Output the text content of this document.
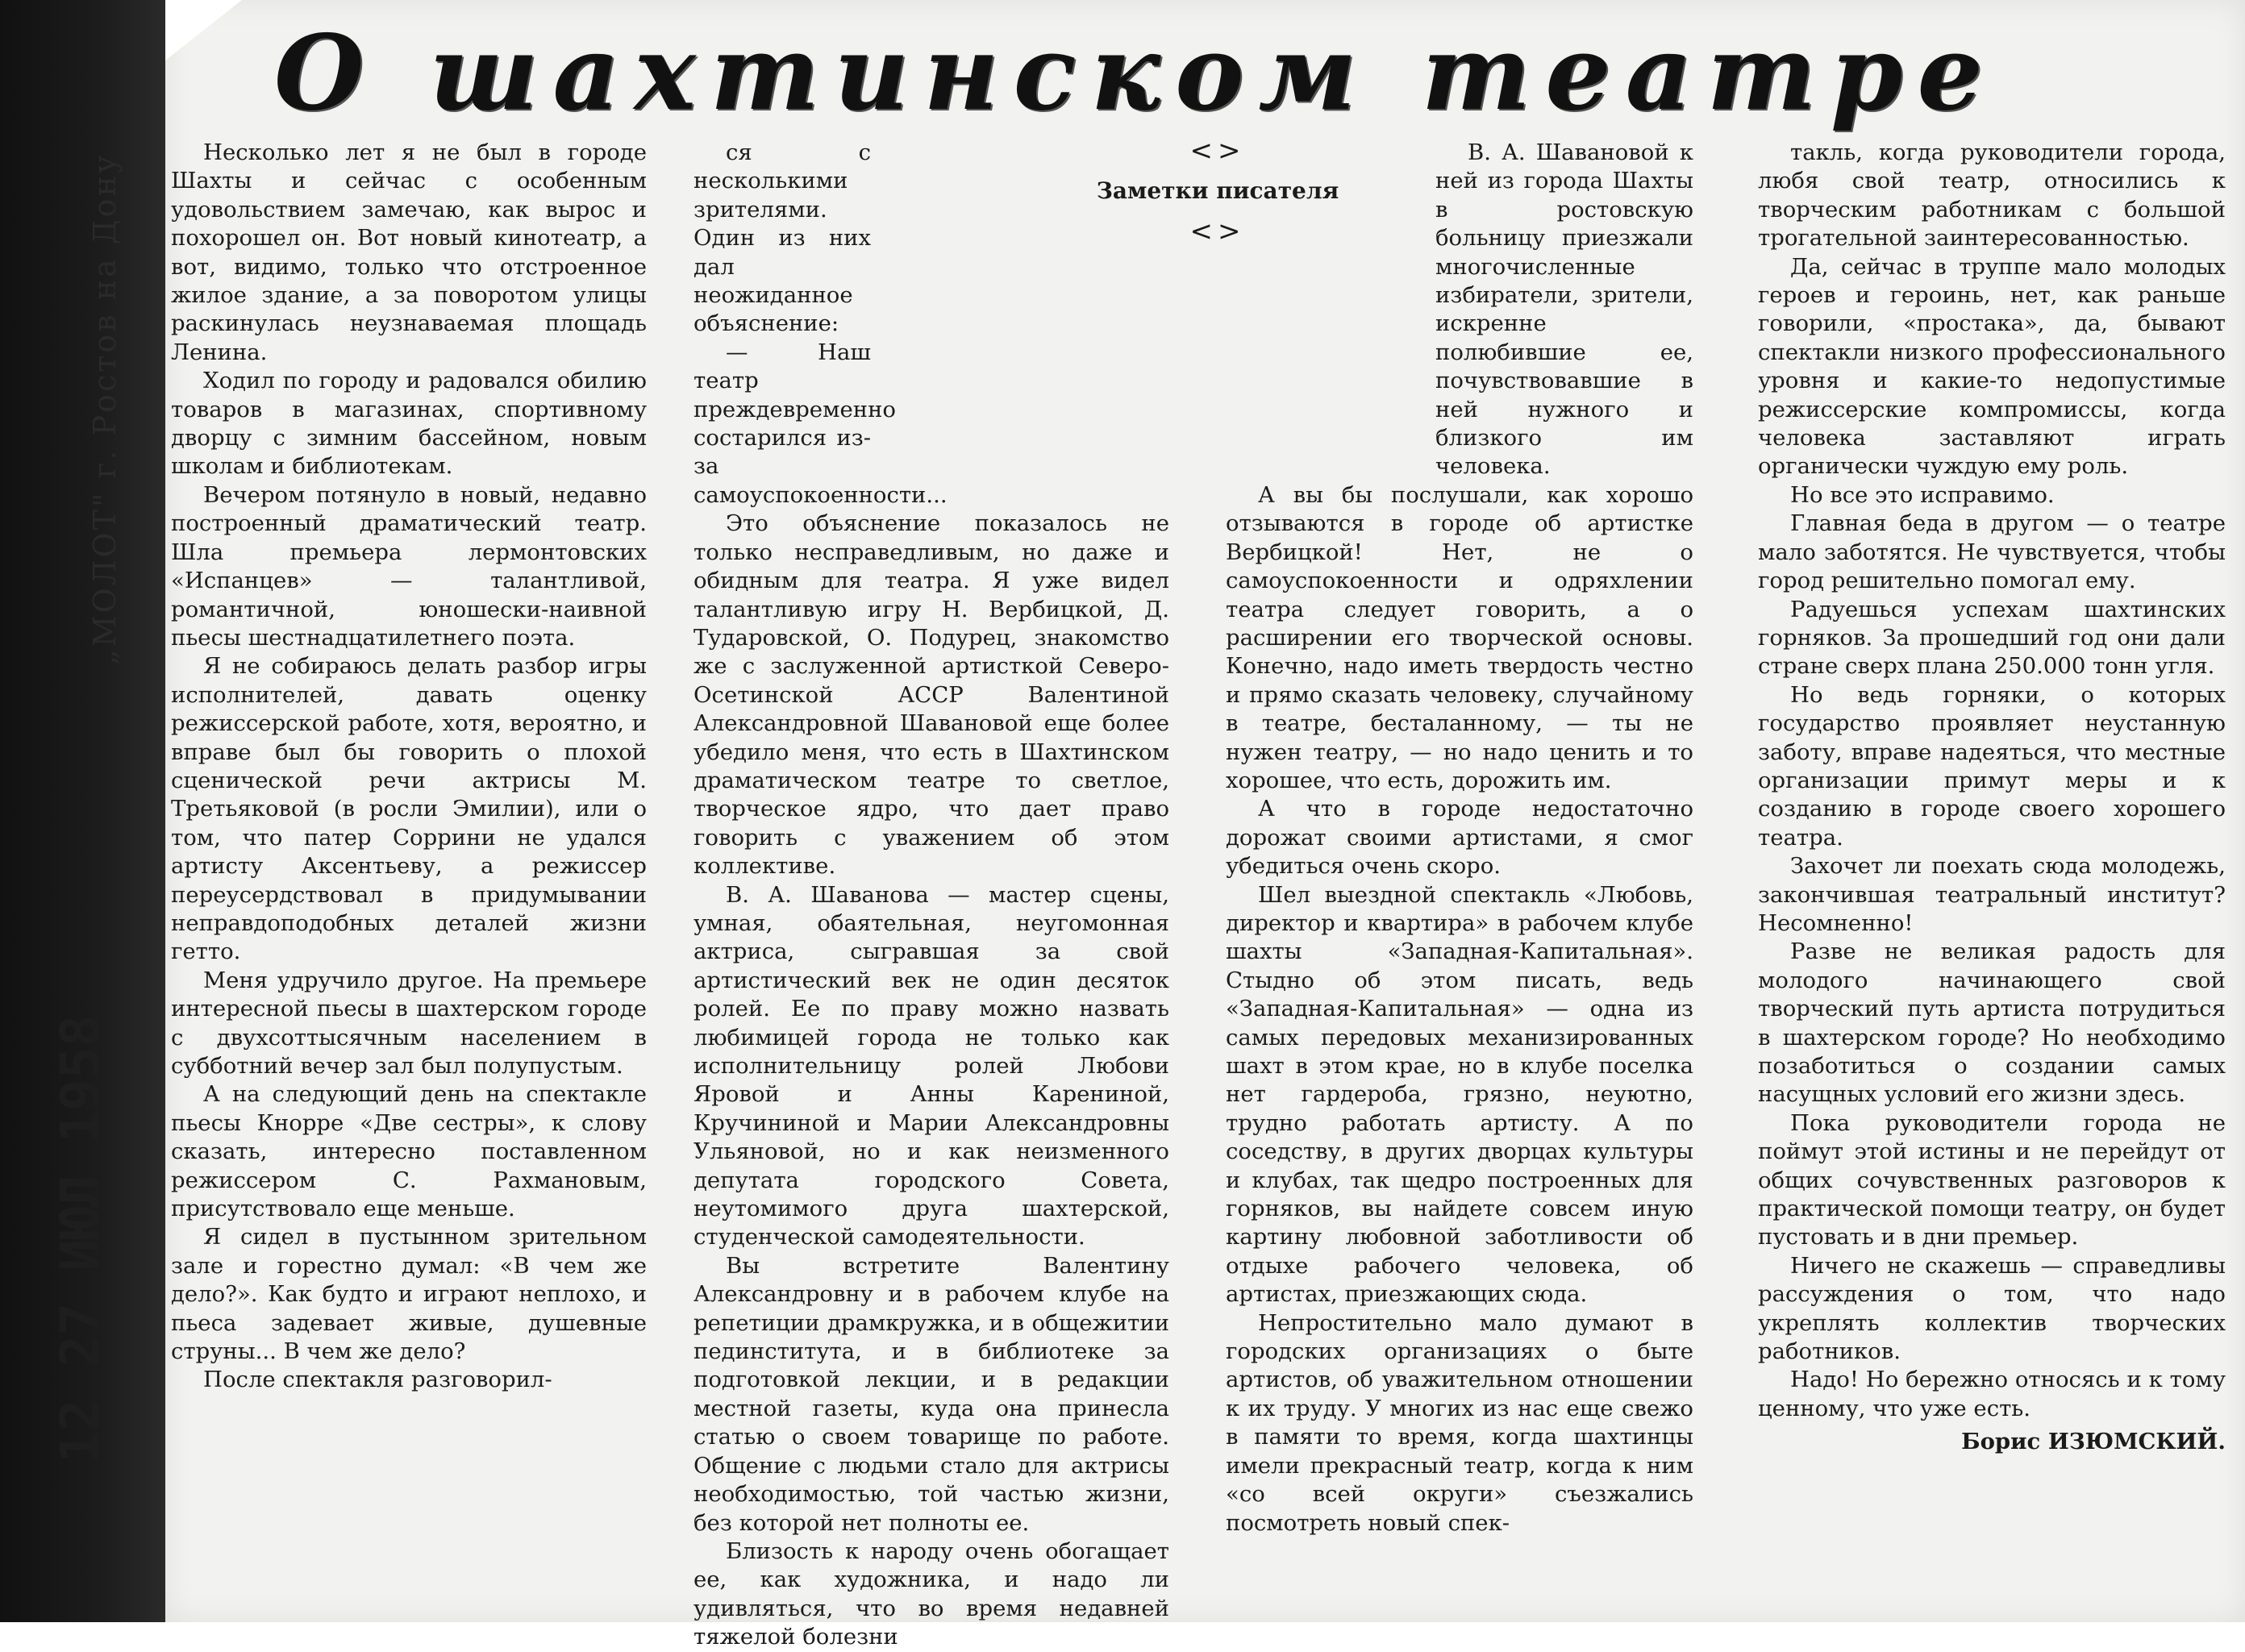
„МОЛОТ" г. Ростов на Дону
12 27 ИЮЛ 1958
О шахтинском театре
<>
Заметки писателя
<>

Несколько лет я не был в городе Шахты и сейчас с особенным удовольствием замечаю, как вырос и похорошел он. Вот новый кинотеатр, а вот, видимо, только что отстроенное жилое здание, а за поворотом улицы раскинулась неузнаваемая площадь Ленина.

Ходил по городу и радовался обилию товаров в магазинах, спортивному дворцу с зимним бассейном, новым школам и библиотекам.

Вечером потянуло в новый, недавно построенный драматический театр. Шла премьера лермонтовских «Испанцев» — талантливой, романтичной, юношески-наивной пьесы шестнадцатилетнего поэта.

Я не собираюсь делать разбор игры исполнителей, давать оценку режиссерской работе, хотя, вероятно, и вправе был бы говорить о плохой сценической речи актрисы М. Третьяковой (в росли Эмилии), или о том, что патер Соррини не удался артисту Аксентьеву, а режиссер переусердствовал в придумывании неправдоподобных деталей жизни гетто.

Меня удручило другое. На премьере интересной пьесы в шахтерском городе с двухсоттысячным населением в субботний вечер зал был полупустым.

А на следующий день на спектакле пьесы Кнорре «Две сестры», к слову сказать, интересно поставленном режиссером С. Рахмановым, присутствовало еще меньше.

Я сидел в пустынном зрительном зале и горестно думал: «В чем же дело?». Как будто и играют неплохо, и пьеса задевает живые, душевные струны... В чем же дело?

После спектакля разговорил-

ся с несколькими зрителями. Один из них дал неожиданное объяснение:

— Наш театр преждевременно состарился из-за самоуспокоенности...

Это объяснение показалось не только несправедливым, но даже и обидным для театра. Я уже видел талантливую игру Н. Вербицкой, Д. Тударовской, О. Подурец, знакомство же с заслуженной артисткой Северо-Осетинской АССР Валентиной Александровной Шавановой еще более убедило меня, что есть в Шахтинском драматическом театре то светлое, творческое ядро, что дает право говорить с уважением об этом коллективе.

В. А. Шаванова — мастер сцены, умная, обаятельная, неугомонная актриса, сыгравшая за свой артистический век не один десяток ролей. Ее по праву можно назвать любимицей города не только как исполнительницу ролей Любови Яровой и Анны Карениной, Кручининой и Марии Александровны Ульяновой, но и как неизменного депутата городского Совета, неутомимого друга шахтерской, студенческой самодеятельности.

Вы встретите Валентину Александровну и в рабочем клубе на репетиции драмкружка, и в общежитии пединститута, и в библиотеке за подготовкой лекции, и в редакции местной газеты, куда она принесла статью о своем товарище по работе. Общение с людьми стало для актрисы необходимостью, той частью жизни, без которой нет полноты ее.

Близость к народу очень обогащает ее, как художника, и надо ли удивляться, что во время недавней тяжелой болезни

В. А. Шавановой к ней из города Шахты в ростовскую больницу приезжали многочисленные избиратели, зрители, искренне полюбившие ее, почувствовавшие в ней нужного и близкого им человека.

А вы бы послушали, как хорошо отзываются в городе об артистке Вербицкой! Нет, не о самоуспокоенности и одряхлении театра следует говорить, а о расширении его творческой основы. Конечно, надо иметь твердость честно и прямо сказать человеку, случайному в театре, бесталанному, — ты не нужен театру, — но надо ценить и то хорошее, что есть, дорожить им.

А что в городе недостаточно дорожат своими артистами, я смог убедиться очень скоро.

Шел выездной спектакль «Любовь, директор и квартира» в рабочем клубе шахты «Западная-Капитальная». Стыдно об этом писать, ведь «Западная-Капитальная» — одна из самых передовых механизированных шахт в этом крае, но в клубе поселка нет гардероба, грязно, неуютно, трудно работать артисту. А по соседству, в других дворцах культуры и клубах, так щедро построенных для горняков, вы найдете совсем иную картину любовной заботливости об отдыхе рабочего человека, об артистах, приезжающих сюда.

Непростительно мало думают в городских организациях о быте артистов, об уважительном отношении к их труду. У многих из нас еще свежо в памяти то время, когда шахтинцы имели прекрасный театр, когда к ним «со всей округи» съезжались посмотреть новый спек-

такль, когда руководители города, любя свой театр, относились к творческим работникам с большой трогательной заинтересованностью.

Да, сейчас в труппе мало молодых героев и героинь, нет, как раньше говорили, «простака», да, бывают спектакли низкого профессионального уровня и какие-то недопустимые режиссерские компромиссы, когда человека заставляют играть органически чуждую ему роль.

Но все это исправимо.

Главная беда в другом — о театре мало заботятся. Не чувствуется, чтобы город решительно помогал ему.

Радуешься успехам шахтинских горняков. За прошедший год они дали стране сверх плана 250.000 тонн угля.

Но ведь горняки, о которых государство проявляет неустанную заботу, вправе надеяться, что местные организации примут меры и к созданию в городе своего хорошего театра.

Захочет ли поехать сюда молодежь, закончившая театральный институт? Несомненно!

Разве не великая радость для молодого начинающего свой творческий путь артиста потрудиться в шахтерском городе? Но необходимо позаботиться о создании самых насущных условий его жизни здесь.

Пока руководители города не поймут этой истины и не перейдут от общих сочувственных разговоров к практической помощи театру, он будет пустовать и в дни премьер.

Ничего не скажешь — справедливы рассуждения о том, что надо укреплять коллектив творческих работников.

Надо! Но бережно относясь и к тому ценному, что уже есть.

Борис ИЗЮМСКИЙ.
